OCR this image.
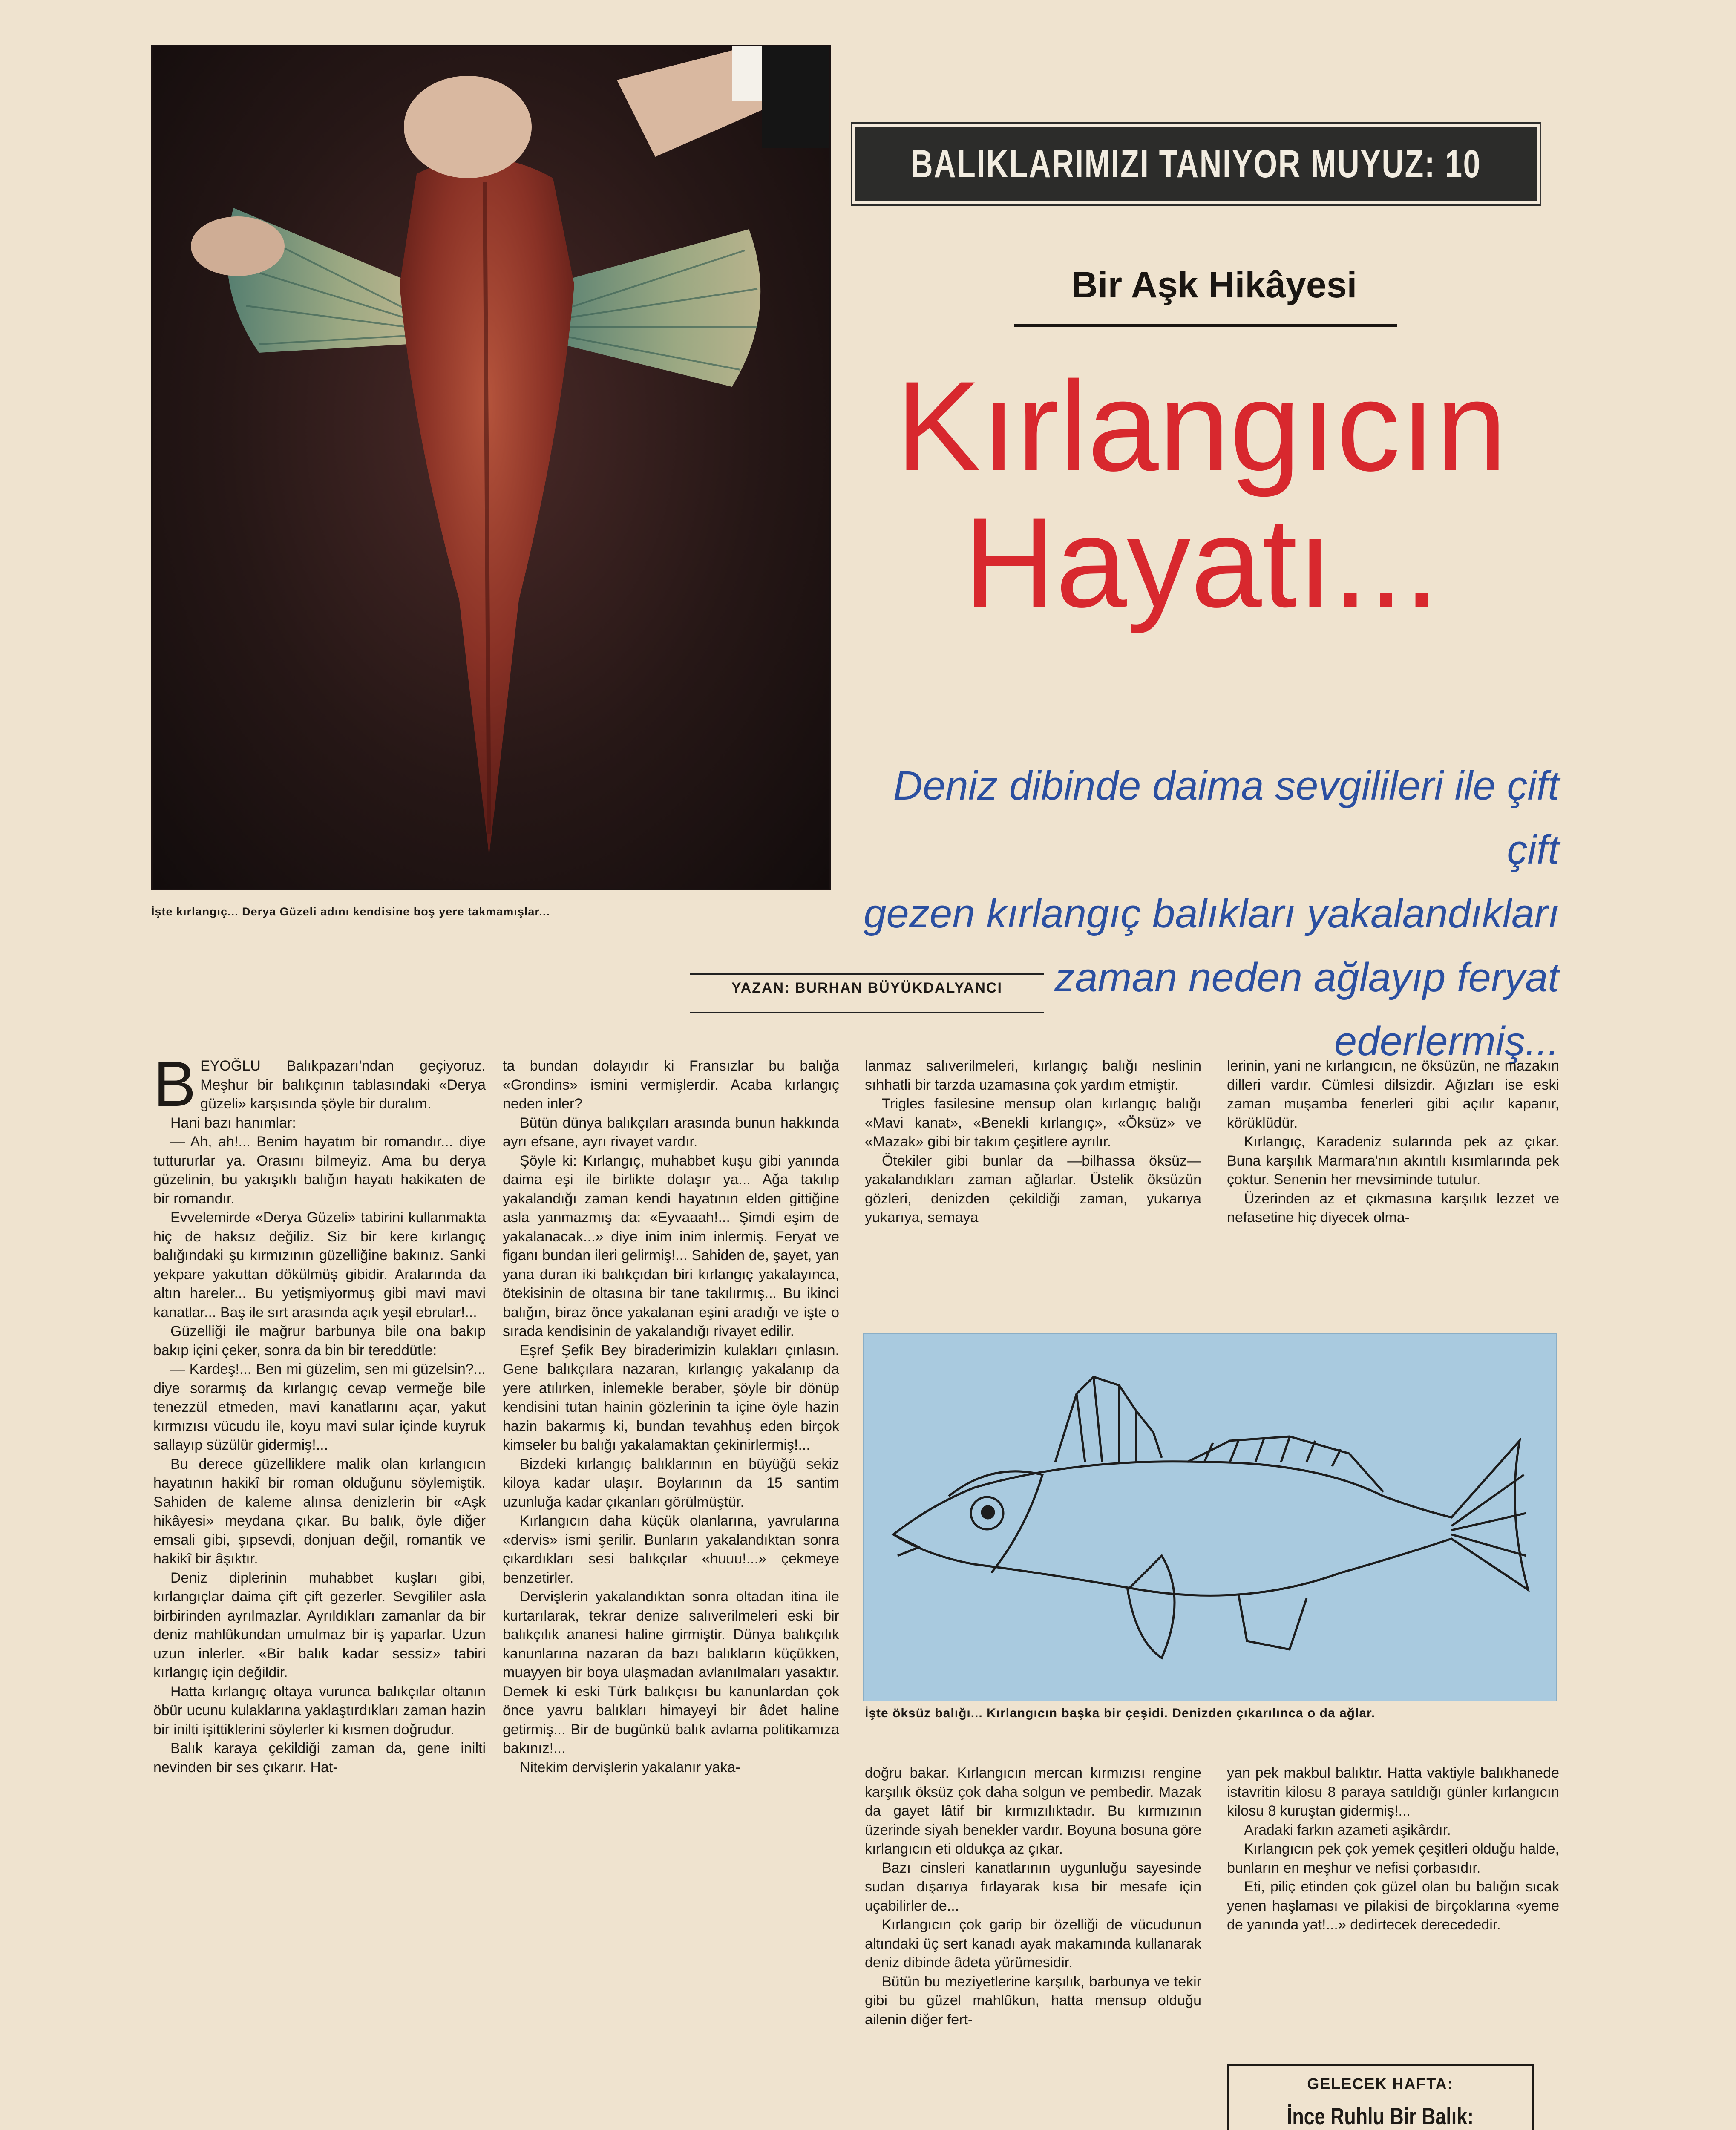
İşte kırlangıç... Derya Güzeli adını kendisine boş yere takmamışlar...
BALIKLARIMIZI TANIYOR MUYUZ: 10
Bir Aşk Hikâyesi
Kırlangıcın
Hayatı...
Deniz dibinde daima sevgilileri ile çift çift
gezen kırlangıç balıkları yakalandıkları
zaman neden ağlayıp feryat ederlermiş...
YAZAN: BURHAN BÜYÜKDALYANCI

BEYOĞLU Balıkpazarı'ndan geçiyoruz. Meşhur bir balıkçının tablasındaki «Derya güzeli» karşısında şöyle bir duralım.

Hani bazı hanımlar:

— Ah, ah!... Benim hayatım bir romandır... diye tuttururlar ya. Orasını bilmeyiz. Ama bu derya güzelinin, bu yakışıklı balığın hayatı hakikaten de bir romandır.

Evvelemirde «Derya Güzeli» tabirini kullanmakta hiç de haksız değiliz. Siz bir kere kırlangıç balığındaki şu kırmızının güzelliğine bakınız. Sanki yekpare yakuttan dökülmüş gibidir. Aralarında da altın hareler... Bu yetişmiyormuş gibi mavi mavi kanatlar... Baş ile sırt arasında açık yeşil ebrular!...

Güzelliği ile mağrur barbunya bile ona bakıp bakıp içini çeker, sonra da bin bir tereddütle:

— Kardeş!... Ben mi güzelim, sen mi güzelsin?... diye sorarmış da kırlangıç cevap vermeğe bile tenezzül etmeden, mavi kanatlarını açar, yakut kırmızısı vücudu ile, koyu mavi sular içinde kuyruk sallayıp süzülür gidermiş!...

Bu derece güzelliklere malik olan kırlangıcın hayatının hakikî bir roman olduğunu söylemiştik. Sahiden de kaleme alınsa denizlerin bir «Aşk hikâyesi» meydana çıkar. Bu balık, öyle diğer emsali gibi, şıpsevdi, donjuan değil, romantik ve hakikî bir âşıktır.

Deniz diplerinin muhabbet kuşları gibi, kırlangıçlar daima çift çift gezerler. Sevgililer asla birbirinden ayrılmazlar. Ayrıldıkları zamanlar da bir deniz mahlûkundan umulmaz bir iş yaparlar. Uzun uzun inlerler. «Bir balık kadar sessiz» tabiri kırlangıç için değildir.

Hatta kırlangıç oltaya vurunca balıkçılar oltanın öbür ucunu kulaklarına yaklaştırdıkları zaman hazin bir inilti işittiklerini söylerler ki kısmen doğrudur.

Balık karaya çekildiği zaman da, gene inilti nevinden bir ses çıkarır. Hat-

ta bundan dolayıdır ki Fransızlar bu balığa «Grondins» ismini vermişlerdir. Acaba kırlangıç neden inler?

Bütün dünya balıkçıları arasında bunun hakkında ayrı efsane, ayrı rivayet vardır.

Şöyle ki: Kırlangıç, muhabbet kuşu gibi yanında daima eşi ile birlikte dolaşır ya... Ağa takılıp yakalandığı zaman kendi hayatının elden gittiğine asla yanmazmış da: «Eyvaaah!... Şimdi eşim de yakalanacak...» diye inim inim inlermiş. Feryat ve figanı bundan ileri gelirmiş!... Sahiden de, şayet, yan yana duran iki balıkçıdan biri kırlangıç yakalayınca, ötekisinin de oltasına bir tane takılırmış... Bu ikinci balığın, biraz önce yakalanan eşini aradığı ve işte o sırada kendisinin de yakalandığı rivayet edilir.

Eşref Şefik Bey biraderimizin kulakları çınlasın. Gene balıkçılara nazaran, kırlangıç yakalanıp da yere atılırken, inlemekle beraber, şöyle bir dönüp kendisini tutan hainin gözlerinin ta içine öyle hazin hazin bakarmış ki, bundan tevahhuş eden birçok kimseler bu balığı yakalamaktan çekinirlermiş!...

Bizdeki kırlangıç balıklarının en büyüğü sekiz kiloya kadar ulaşır. Boylarının da 15 santim uzunluğa kadar çıkanları görülmüştür.

Kırlangıcın daha küçük olanlarına, yavrularına «dervis» ismi şerilir. Bunların yakalandıktan sonra çıkardıkları sesi balıkçılar «huuu!...» çekmeye benzetirler.

Dervişlerin yakalandıktan sonra oltadan itina ile kurtarılarak, tekrar denize salıverilmeleri eski bir balıkçılık ananesi haline girmiştir. Dünya balıkçılık kanunlarına nazaran da bazı balıkların küçükken, muayyen bir boya ulaşmadan avlanılmaları yasaktır. Demek ki eski Türk balıkçısı bu kanunlardan çok önce yavru balıkları himayeyi bir âdet haline getirmiş... Bir de bugünkü balık avlama politikamıza bakınız!...

Nitekim dervişlerin yakalanır yaka-

lanmaz salıverilmeleri, kırlangıç balığı neslinin sıhhatli bir tarzda uzamasına çok yardım etmiştir.

Trigles fasilesine mensup olan kırlangıç balığı «Mavi kanat», «Benekli kırlangıç», «Öksüz» ve «Mazak» gibi bir takım çeşitlere ayrılır.

Ötekiler gibi bunlar da —bilhassa öksüz— yakalandıkları zaman ağlarlar. Üstelik öksüzün gözleri, denizden çekildiği zaman, yukarıya yukarıya, semaya

lerinin, yani ne kırlangıcın, ne öksüzün, ne mazakın dilleri vardır. Cümlesi dilsizdir. Ağızları ise eski zaman muşamba fenerleri gibi açılır kapanır, körüklüdür.

Kırlangıç, Karadeniz sularında pek az çıkar. Buna karşılık Marmara'nın akıntılı kısımlarında pek çoktur. Senenin her mevsiminde tutulur.

Üzerinden az et çıkmasına karşılık lezzet ve nefasetine hiç diyecek olma-

İşte öksüz balığı... Kırlangıcın başka bir çeşidi. Denizden çıkarılınca o da ağlar.

doğru bakar. Kırlangıcın mercan kırmızısı rengine karşılık öksüz çok daha solgun ve pembedir. Mazak da gayet lâtif bir kırmızılıktadır. Bu kırmızının üzerinde siyah benekler vardır. Boyuna bosuna göre kırlangıcın eti oldukça az çıkar.

Bazı cinsleri kanatlarının uygunluğu sayesinde sudan dışarıya fırlayarak kısa bir mesafe için uçabilirler de...

Kırlangıcın çok garip bir özelliği de vücudunun altındaki üç sert kanadı ayak makamında kullanarak deniz dibinde âdeta yürümesidir.

Bütün bu meziyetlerine karşılık, barbunya ve tekir gibi bu güzel mahlûkun, hatta mensup olduğu ailenin diğer fert-

yan pek makbul balıktır. Hatta vaktiyle balıkhanede istavritin kilosu 8 paraya satıldığı günler kırlangıcın kilosu 8 kuruştan gidermiş!...

Aradaki farkın azameti aşikârdır.

Kırlangıcın pek çok yemek çeşitleri olduğu halde, bunların en meşhur ve nefisi çorbasıdır.

Eti, piliç etinden çok güzel olan bu balığın sıcak yenen haşlaması ve pilakisi de birçoklarına «yeme de yanında yat!...» dedirtecek derecededir.

GELECEK HAFTA:
İnce Ruhlu Bir Balık:
